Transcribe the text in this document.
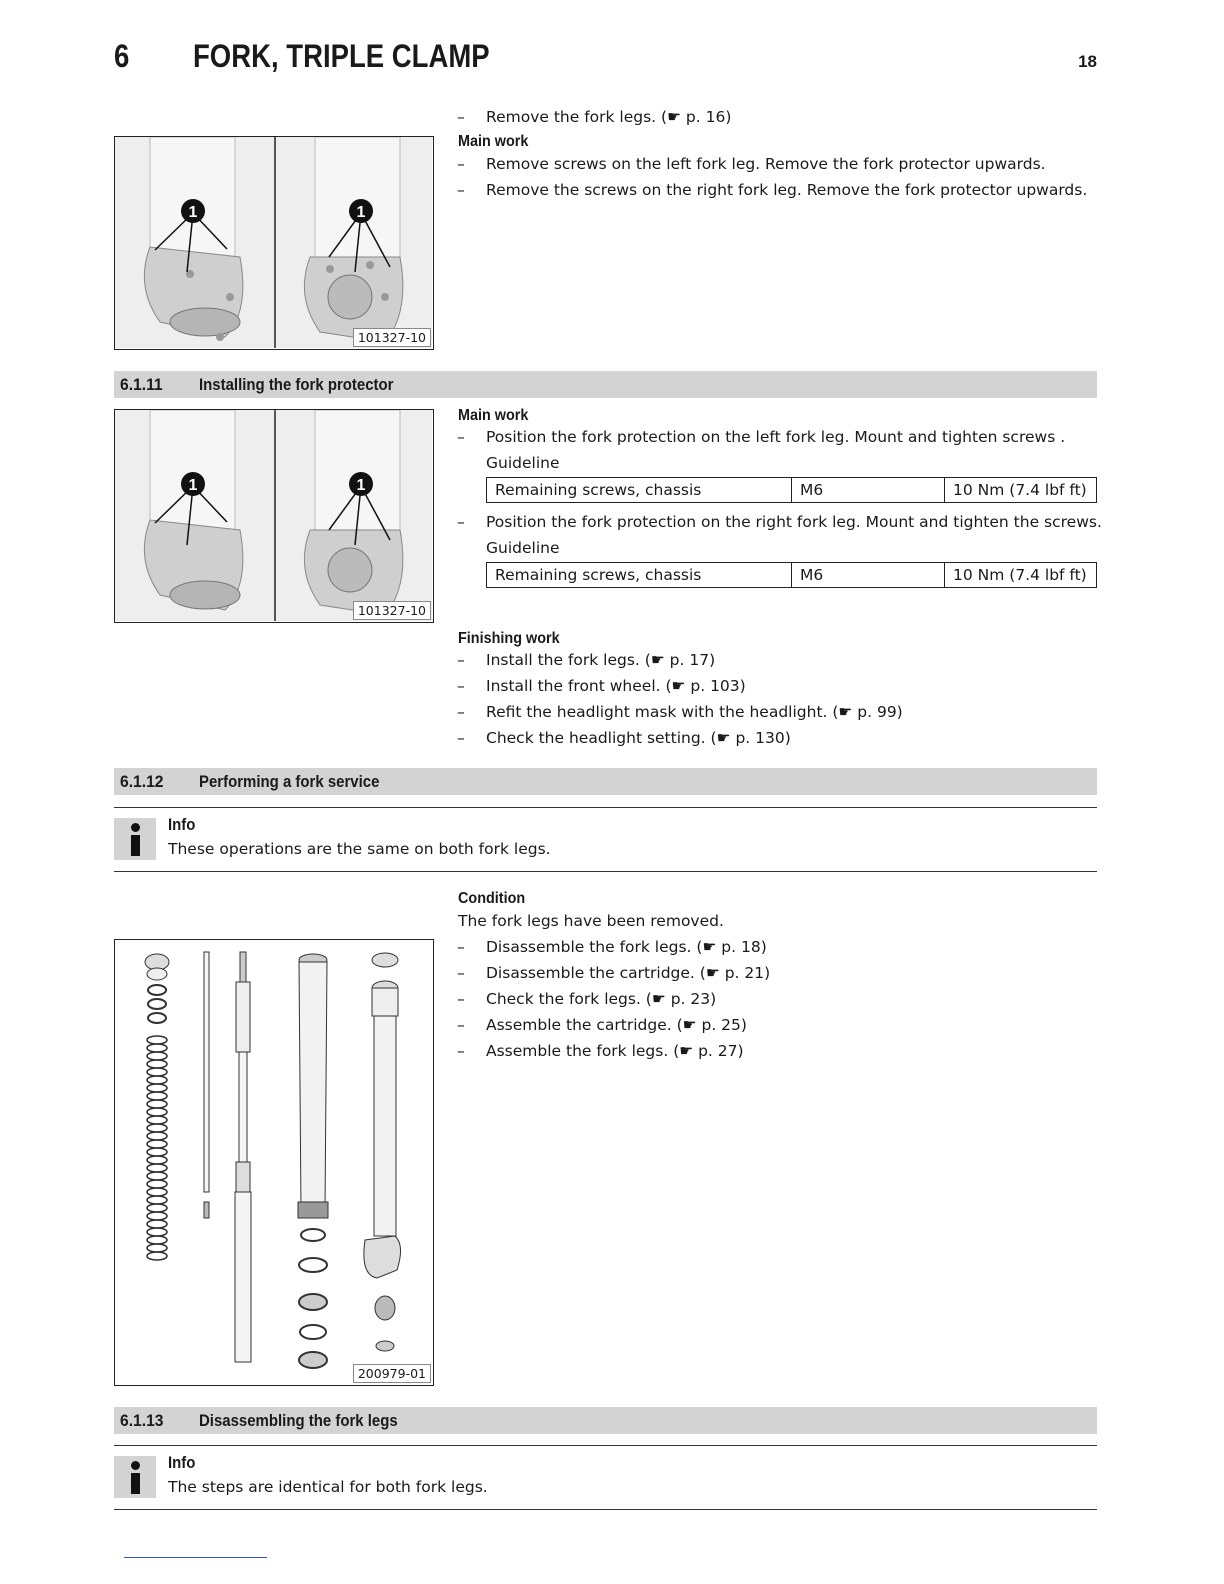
6 FORK, TRIPLE CLAMP	18
– Remove the fork legs. (☛ p. 16)
Main work
– Remove screws on the left fork leg. Remove the fork protector upwards.
– Remove the screws on the right fork leg. Remove the fork protector upwards.
1	1
101327-10
6.1.11 Installing the fork protector
1	1
101327-10
Main work
– Position the fork protection on the left fork leg. Mount and tighten screws .
Guideline
Remaining screws, chassis	M6	10 Nm (7.4 lbf ft)
– Position the fork protection on the right fork leg. Mount and tighten the screws.
Guideline
Remaining screws, chassis	M6	10 Nm (7.4 lbf ft)
Finishing work
– Install the fork legs. (☛ p. 17)
– Install the front wheel. (☛ p. 103)
– Refit the headlight mask with the headlight. (☛ p. 99)
– Check the headlight setting. (☛ p. 130)
6.1.12 Performing a fork service
Info
These operations are the same on both fork legs.
Condition
The fork legs have been removed.
– Disassemble the fork legs. (☛ p. 18)
– Disassemble the cartridge. (☛ p. 21)
– Check the fork legs. (☛ p. 23)
– Assemble the cartridge. (☛ p. 25)
– Assemble the fork legs. (☛ p. 27)
200979-01
6.1.13 Disassembling the fork legs
Info
The steps are identical for both fork legs.
